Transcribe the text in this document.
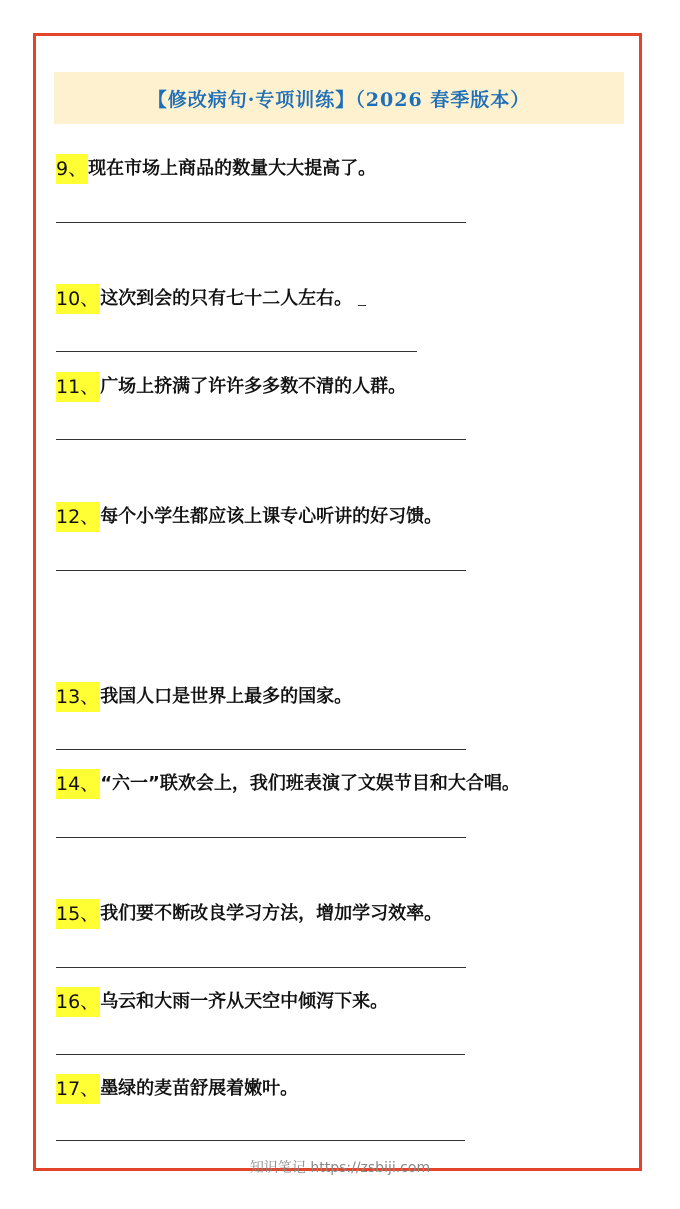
【修改病句·专项训练】（2026 春季版本）
9、 现在市场上商品的数量大大提高了。
10、 这次到会的只有七十二人左右。
11、 广场上挤满了许许多多数不清的人群。
12、 每个小学生都应该上课专心听讲的好习馈。
13、 我国人口是世界上最多的国家。
14、 “六一”联欢会上，我们班表演了文娱节目和大合唱。
15、 我们要不断改良学习方法，增加学习效率。
16、 乌云和大雨一齐从天空中倾泻下来。
17、 墨绿的麦苗舒展着嫩叶。
知识笔记 https://zsbiji.com
